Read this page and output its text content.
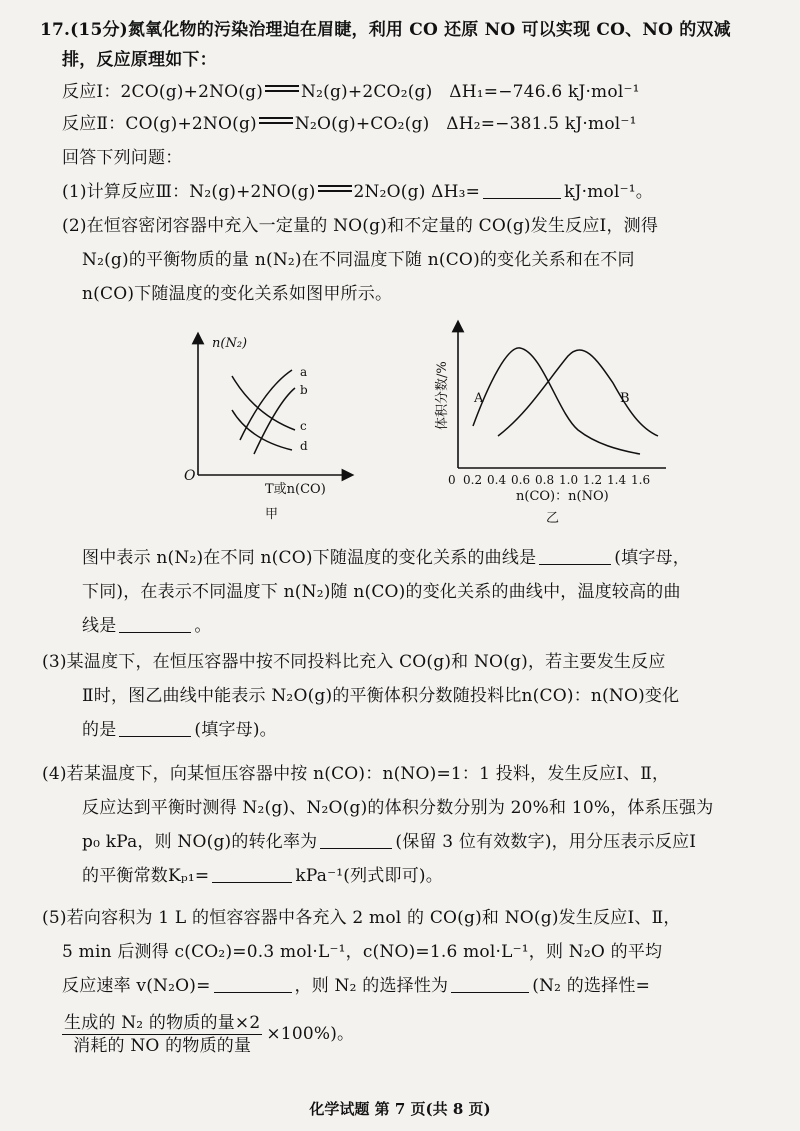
17.(15分)氮氧化物的污染治理迫在眉睫，利用 CO 还原 NO 可以实现 CO、NO 的双减
排，反应原理如下：
反应Ⅰ：2CO(g)+2NO(g) N₂(g)+2CO₂(g) ΔH₁=−746.6 kJ·mol⁻¹
反应Ⅱ：CO(g)+2NO(g) N₂O(g)+CO₂(g) ΔH₂=−381.5 kJ·mol⁻¹
回答下列问题：
(1)计算反应Ⅲ：N₂(g)+2NO(g) 2N₂O(g) ΔH₃=	kJ·mol⁻¹。
(2)在恒容密闭容器中充入一定量的 NO(g)和不定量的 CO(g)发生反应Ⅰ，测得
N₂(g)的平衡物质的量 n(N₂)在不同温度下随 n(CO)的变化关系和在不同
n(CO)下随温度的变化关系如图甲所示。
n(N₂)
O
a
b
c
d
T或n(CO)
甲
体积分数/% A	B
0 0.2 0.4 0.6 0.8 1.0 1.2 1.4 1.6
n(CO)：n(NO)
乙
图中表示 n(N₂)在不同 n(CO)下随温度的变化关系的曲线是	(填字母，
下同)，在表示不同温度下 n(N₂)随 n(CO)的变化关系的曲线中，温度较高的曲
线是	。
(3)某温度下，在恒压容器中按不同投料比充入 CO(g)和 NO(g)，若主要发生反应
Ⅱ时，图乙曲线中能表示 N₂O(g)的平衡体积分数随投料比n(CO)：n(NO)变化
的是	(填字母)。
(4)若某温度下，向某恒压容器中按 n(CO)：n(NO)=1：1 投料，发生反应Ⅰ、Ⅱ，
反应达到平衡时测得 N₂(g)、N₂O(g)的体积分数分别为 20%和 10%，体系压强为
p₀ kPa，则 NO(g)的转化率为	(保留 3 位有效数字)，用分压表示反应Ⅰ
的平衡常数Kₚ₁=	kPa⁻¹(列式即可)。
(5)若向容积为 1 L 的恒容容器中各充入 2 mol 的 CO(g)和 NO(g)发生反应Ⅰ、Ⅱ，
5 min 后测得 c(CO₂)=0.3 mol·L⁻¹，c(NO)=1.6 mol·L⁻¹，则 N₂O 的平均
反应速率 v(N₂O)=	，则 N₂ 的选择性为	(N₂ 的选择性=
$\frac{\text{生成的 N₂ 的物质的量×2}}{\text{消耗的 NO 的物质的量}} \times 100\%$)。
化学试题 第 7 页(共 8 页)
